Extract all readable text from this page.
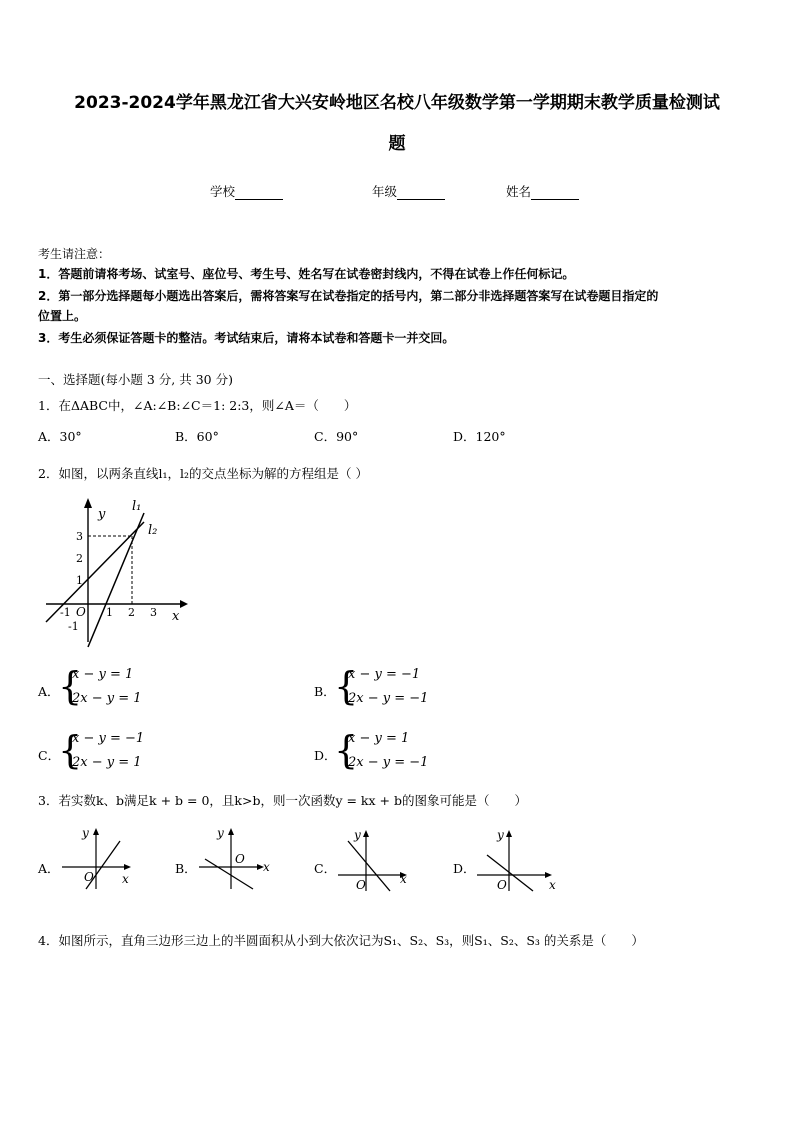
2023-2024学年黑龙江省大兴安岭地区名校八年级数学第一学期期末教学质量检测试
题
学校	年级	姓名
考生请注意：
1．答题前请将考场、试室号、座位号、考生号、姓名写在试卷密封线内，不得在试卷上作任何标记。
2．第一部分选择题每小题选出答案后，需将答案写在试卷指定的括号内，第二部分非选择题答案写在试卷题目指定的
位置上。
3．考生必须保证答题卡的整洁。考试结束后，请将本试卷和答题卡一并交回。
一、选择题(每小题 3 分, 共 30 分)
1．在ΔABC中，∠A:∠B:∠C＝1: 2:3，则∠A＝（　　）
A．30°	B．60°	C．90°	D．120°
2．如图，以两条直线l₁，l₂的交点坐标为解的方程组是（ ）
y
x
l₁
l₂
3
2
1
-1
-1 O 1 2 3
A．
{
x − y = 1
2x − y = 1	B．
{
x − y = −1
2x − y = −1
C．
{
x − y = −1
2x − y = 1	D．
{
x − y = 1
2x − y = −1
3．若实数k、b满足k + b = 0，且k>b，则一次函数y = kx + b的图象可能是（　　）
A．
y
O x
B．
y
O
x	C．
y
O	x
D．
y
O	x
4．如图所示，直角三边形三边上的半圆面积从小到大依次记为S₁、S₂、S₃，则S₁、S₂、S₃ 的关系是（　　）
